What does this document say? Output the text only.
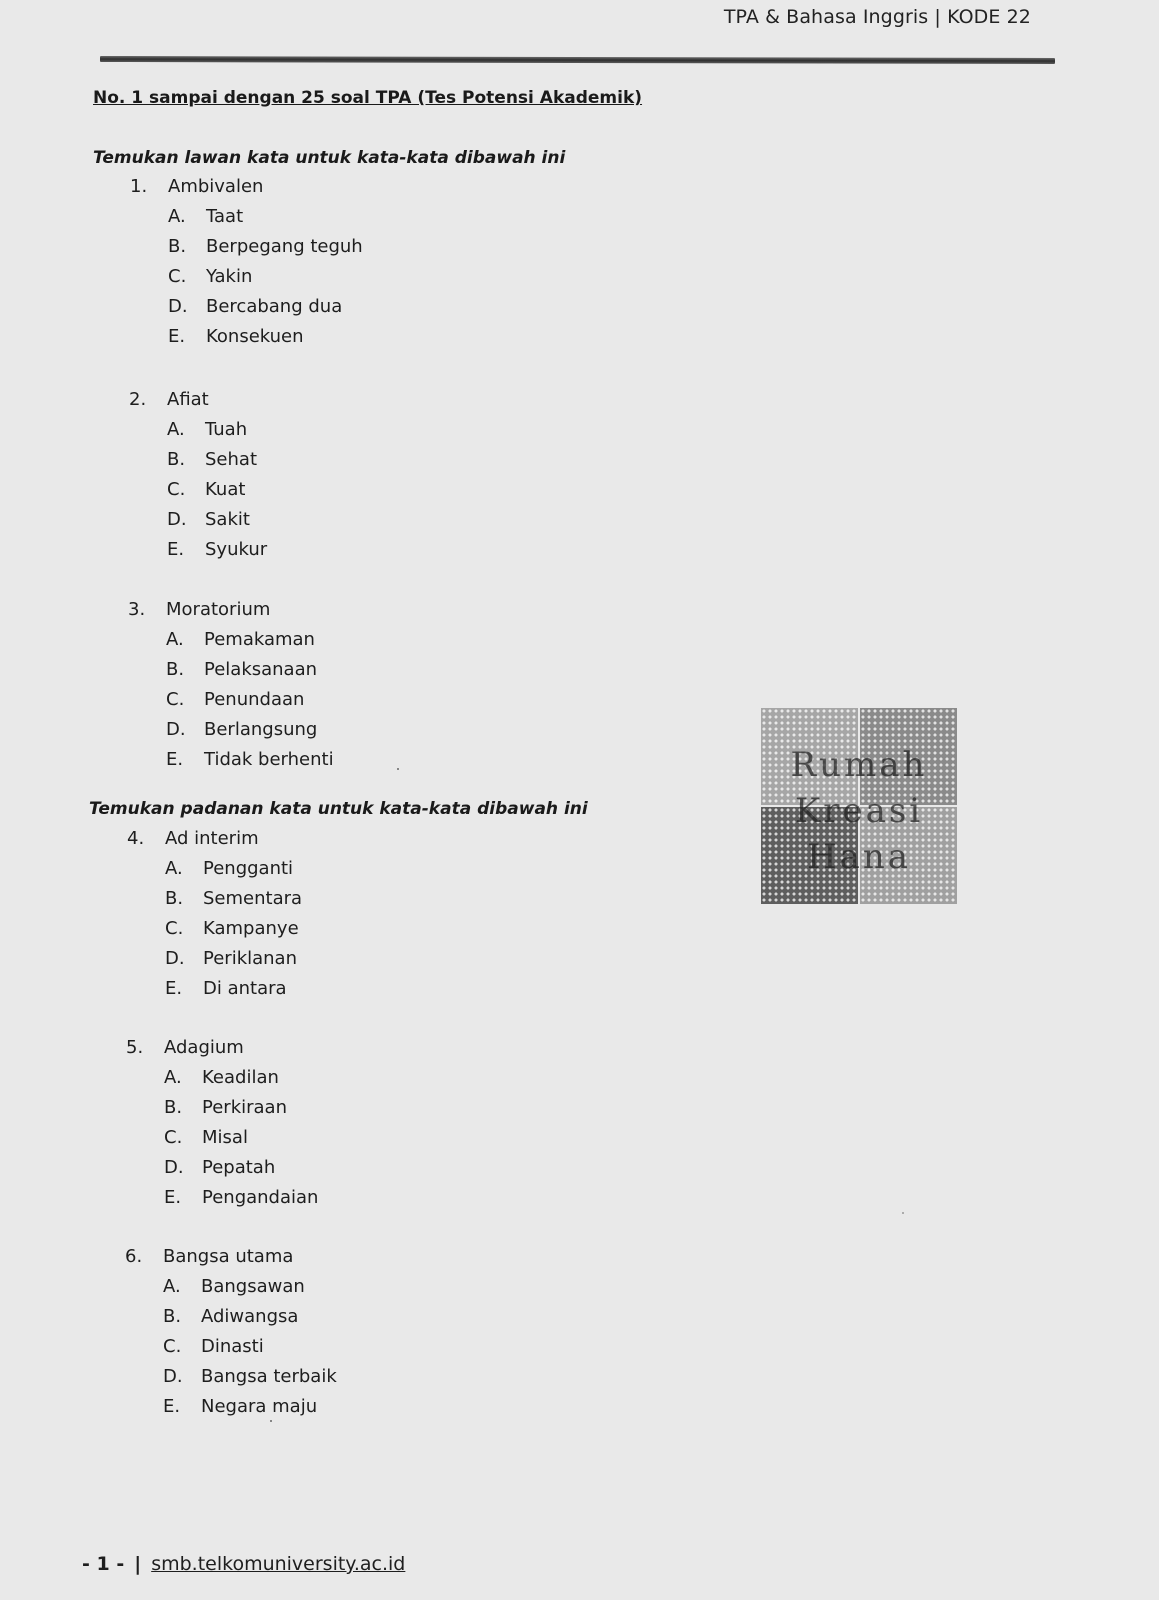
TPA & Bahasa Inggris | KODE 22
No. 1 sampai dengan 25 soal TPA (Tes Potensi Akademik)
Temukan lawan kata untuk kata-kata dibawah ini
1.	Ambivalen
A.	Taat
B.	Berpegang teguh
C.	Yakin
D.	Bercabang dua
E.	Konsekuen
2.	Afiat
A.	Tuah
B.	Sehat
C.	Kuat
D.	Sakit
E.	Syukur
3.	Moratorium
A.	Pemakaman
B.	Pelaksanaan
C.	Penundaan
D.	Berlangsung
E.	Tidak berhenti
Temukan padanan kata untuk kata-kata dibawah ini
4.	Ad interim
A.	Pengganti
B.	Sementara
C.	Kampanye
D.	Periklanan
E.	Di antara
5.	Adagium
A.	Keadilan
B.	Perkiraan
C.	Misal
D.	Pepatah
E.	Pengandaian
6.	Bangsa utama
A.	Bangsawan
B.	Adiwangsa
C.	Dinasti
D.	Bangsa terbaik
E.	Negara maju
Rumah
Kreasi
Hana
- 1 - | smb.telkomuniversity.ac.id
